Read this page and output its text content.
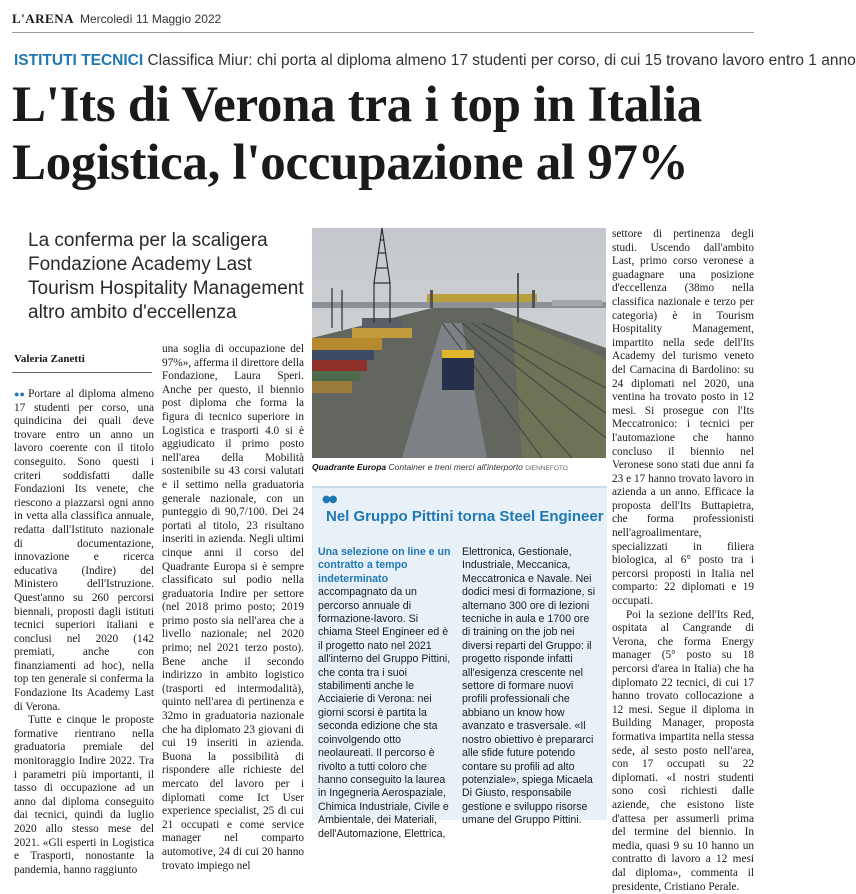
L'ARENA Mercoledì 11 Maggio 2022
ISTITUTI TECNICI Classifica Miur: chi porta al diploma almeno 17 studenti per corso, di cui 15 trovano lavoro entro 1 anno
L'Its di Verona tra i top in Italia
Logistica, l'occupazione al 97%
La conferma per la scaligera Fondazione Academy Last Tourism Hospitality Management altro ambito d'eccellenza
Valeria Zanetti

●● Portare al diploma almeno 17 studenti per corso, una quindicina dei quali deve trovare entro un anno un lavoro coerente con il titolo conseguito. Sono questi i criteri soddisfatti dalle Fondazioni Its venete, che riescono a piazzarsi ogni anno in vetta alla classifica annuale, redatta dall'Istituto nazionale di documentazione, innovazione e ricerca educativa (Indire) del Ministero dell'Istruzione. Quest'anno su 260 percorsi biennali, proposti dagli istituti tecnici superiori italiani e conclusi nel 2020 (142 premiati, anche con finanziamenti ad hoc), nella top ten generale si conferma la Fondazione Its Academy Last di Verona.

Tutte e cinque le proposte formative rientrano nella graduatoria premiale del monitoraggio Indire 2022. Tra i parametri più importanti, il tasso di occupazione ad un anno dal diploma conseguito dai tecnici, quindi da luglio 2020 allo stesso mese del 2021. «Gli esperti in Logistica e Trasporti, nonostante la pandemia, hanno raggiunto

una soglia di occupazione del 97%», afferma il direttore della Fondazione, Laura Speri. Anche per questo, il biennio post diploma che forma la figura di tecnico superiore in Logistica e trasporti 4.0 si è aggiudicato il primo posto nell'area della Mobilità sostenibile su 43 corsi valutati e il settimo nella graduatoria generale nazionale, con un punteggio di 90,7/100. Dei 24 portati al titolo, 23 risultano inseriti in azienda. Negli ultimi cinque anni il corso del Quadrante Europa si è sempre classificato sul podio nella graduatoria Indire per settore (nel 2018 primo posto; 2019 primo posto sia nell'area che a livello nazionale; nel 2020 primo; nel 2021 terzo posto). Bene anche il secondo indirizzo in ambito logistico (trasporti ed intermodalità), quinto nell'area di pertinenza e 32mo in graduatoria nazionale che ha diplomato 23 giovani di cui 19 inseriti in azienda. Buona la possibilità di rispondere alle richieste del mercato del lavoro per i diplomati come Ict User experience specialist, 25 di cui 21 occupati e come service manager nel comparto automotive, 24 di cui 20 hanno trovato impiego nel

Quadrante Europa Container e treni merci all'interporto DIENNEFOTO
●●
Nel Gruppo Pittini torna Steel Engineer
Una selezione on line e un contratto a tempo indeterminato accompagnato da un percorso annuale di formazione-lavoro. Si chiama Steel Engineer ed è il progetto nato nel 2021 all'interno del Gruppo Pittini, che conta tra i suoi stabilimenti anche le Acciaierie di Verona: nei giorni scorsi è partita la seconda edizione che sta coinvolgendo otto neolaureati. Il percorso è rivolto a tutti coloro che hanno conseguito la laurea in Ingegneria Aerospaziale, Chimica Industriale, Civile e Ambientale, dei Materiali, dell'Automazione, Elettrica,
Elettronica, Gestionale, Industriale, Meccanica, Meccatronica e Navale. Nei dodici mesi di formazione, si alternano 300 ore di lezioni tecniche in aula e 1700 ore di training on the job nei diversi reparti del Gruppo: il progetto risponde infatti all'esigenza crescente nel settore di formare nuovi profili professionali che abbiano un know how avanzato e trasversale. «Il nostro obiettivo è prepararci alle sfide future potendo contare su profili ad alto potenziale», spiega Micaela Di Giusto, responsabile gestione e sviluppo risorse umane del Gruppo Pittini.

settore di pertinenza degli studi. Uscendo dall'ambito Last, primo corso veronese a guadagnare una posizione d'eccellenza (38mo nella classifica nazionale e terzo per categoria) è in Tourism Hospitality Management, impartito nella sede dell'Its Academy del turismo veneto del Carnacina di Bardolino: su 24 diplomati nel 2020, una ventina ha trovato posto in 12 mesi. Si prosegue con l'Its Meccatronico: i tecnici per l'automazione che hanno concluso il biennio nel Veronese sono stati due anni fa 23 e 17 hanno trovato lavoro in azienda a un anno. Efficace la proposta dell'Its Buttapietra, che forma professionisti nell'agroalimentare, specializzati in filiera biologica, al 6° posto tra i percorsi proposti in Italia nel comparto: 22 diplomati e 19 occupati.

Poi la sezione dell'Its Red, ospitata al Cangrande di Verona, che forma Energy manager (5° posto su 18 percorsi d'area in Italia) che ha diplomato 22 tecnici, di cui 17 hanno trovato collocazione a 12 mesi. Segue il diploma in Building Manager, proposta formativa impartita nella stessa sede, al sesto posto nell'area, con 17 occupati su 22 diplomati. «I nostri studenti sono così richiesti dalle aziende, che esistono liste d'attesa per assumerli prima del termine del biennio. In media, quasi 9 su 10 hanno un contratto di lavoro a 12 mesi dal diploma», commenta il presidente, Cristiano Perale.
